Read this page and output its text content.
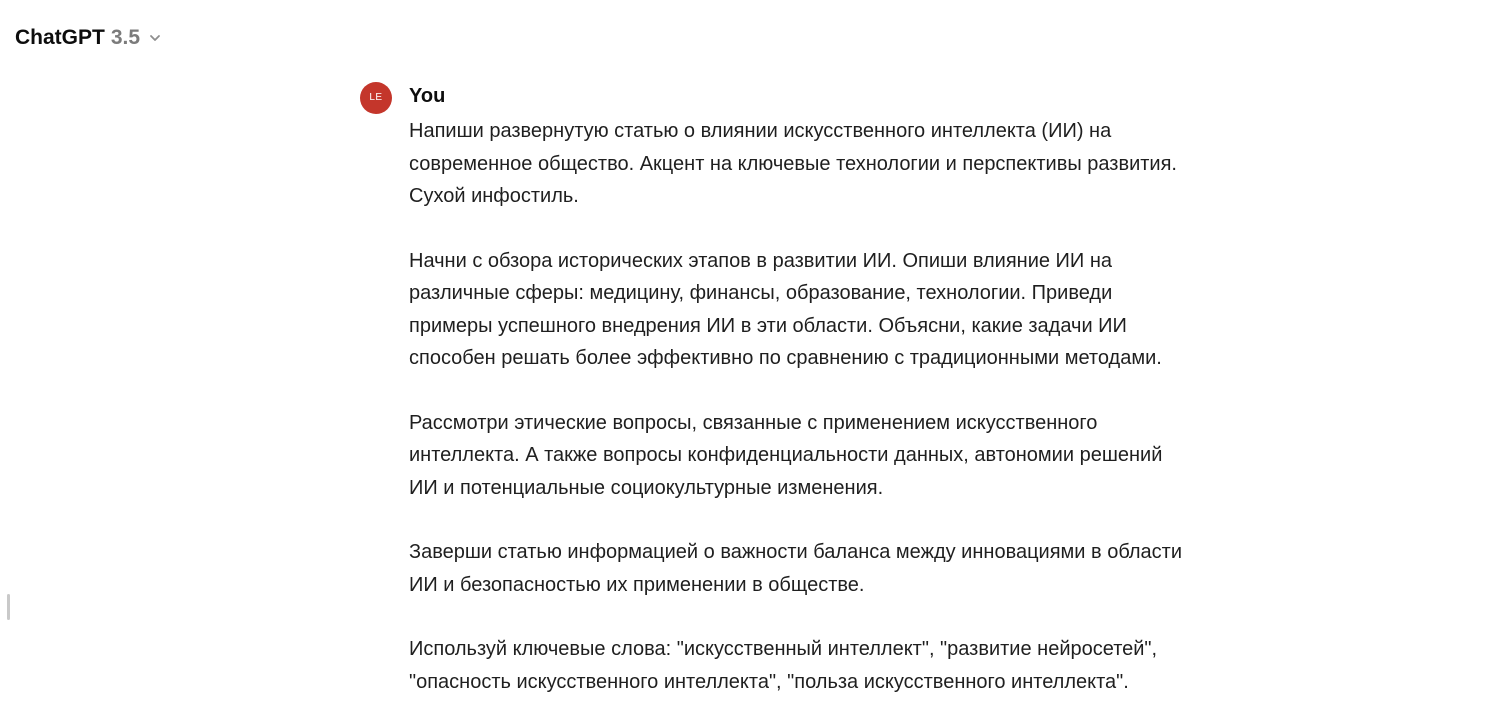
ChatGPT 3.5
LE	You

Напиши развернутую статью о влиянии искусственного интеллекта (ИИ) на
современное общество. Акцент на ключевые технологии и перспективы развития.
Сухой инфостиль.

Начни с обзора исторических этапов в развитии ИИ. Опиши влияние ИИ на
различные сферы: медицину, финансы, образование, технологии. Приведи
примеры успешного внедрения ИИ в эти области. Объясни, какие задачи ИИ
способен решать более эффективно по сравнению с традиционными методами.

Рассмотри этические вопросы, связанные с применением искусственного
интеллекта. А также вопросы конфиденциальности данных, автономии решений
ИИ и потенциальные социокультурные изменения.

Заверши статью информацией о важности баланса между инновациями в области
ИИ и безопасностью их применении в обществе.

Используй ключевые слова: "искусственный интеллект", "развитие нейросетей",
"опасность искусственного интеллекта", "польза искусственного интеллекта".
